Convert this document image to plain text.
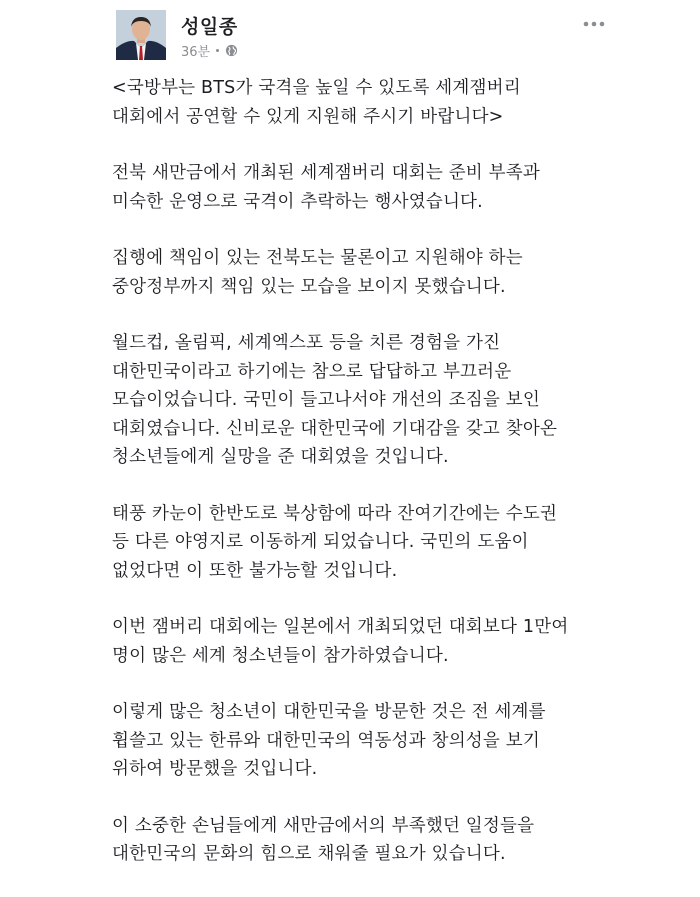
성일종
36분
<국방부는 BTS가 국격을 높일 수 있도록 세계잼버리
대회에서 공연할 수 있게 지원해 주시기 바랍니다>
전북 새만금에서 개최된 세계잼버리 대회는 준비 부족과
미숙한 운영으로 국격이 추락하는 행사였습니다.
집행에 책임이 있는 전북도는 물론이고 지원해야 하는
중앙정부까지 책임 있는 모습을 보이지 못했습니다.
월드컵, 올림픽, 세계엑스포 등을 치른 경험을 가진
대한민국이라고 하기에는 참으로 답답하고 부끄러운
모습이었습니다. 국민이 들고나서야 개선의 조짐을 보인
대회였습니다. 신비로운 대한민국에 기대감을 갖고 찾아온
청소년들에게 실망을 준 대회였을 것입니다.
태풍 카눈이 한반도로 북상함에 따라 잔여기간에는 수도권
등 다른 야영지로 이동하게 되었습니다. 국민의 도움이
없었다면 이 또한 불가능할 것입니다.
이번 잼버리 대회에는 일본에서 개최되었던 대회보다 1만여
명이 많은 세계 청소년들이 참가하였습니다.
이렇게 많은 청소년이 대한민국을 방문한 것은 전 세계를
휩쓸고 있는 한류와 대한민국의 역동성과 창의성을 보기
위하여 방문했을 것입니다.
이 소중한 손님들에게 새만금에서의 부족했던 일정들을
대한민국의 문화의 힘으로 채워줄 필요가 있습니다.
